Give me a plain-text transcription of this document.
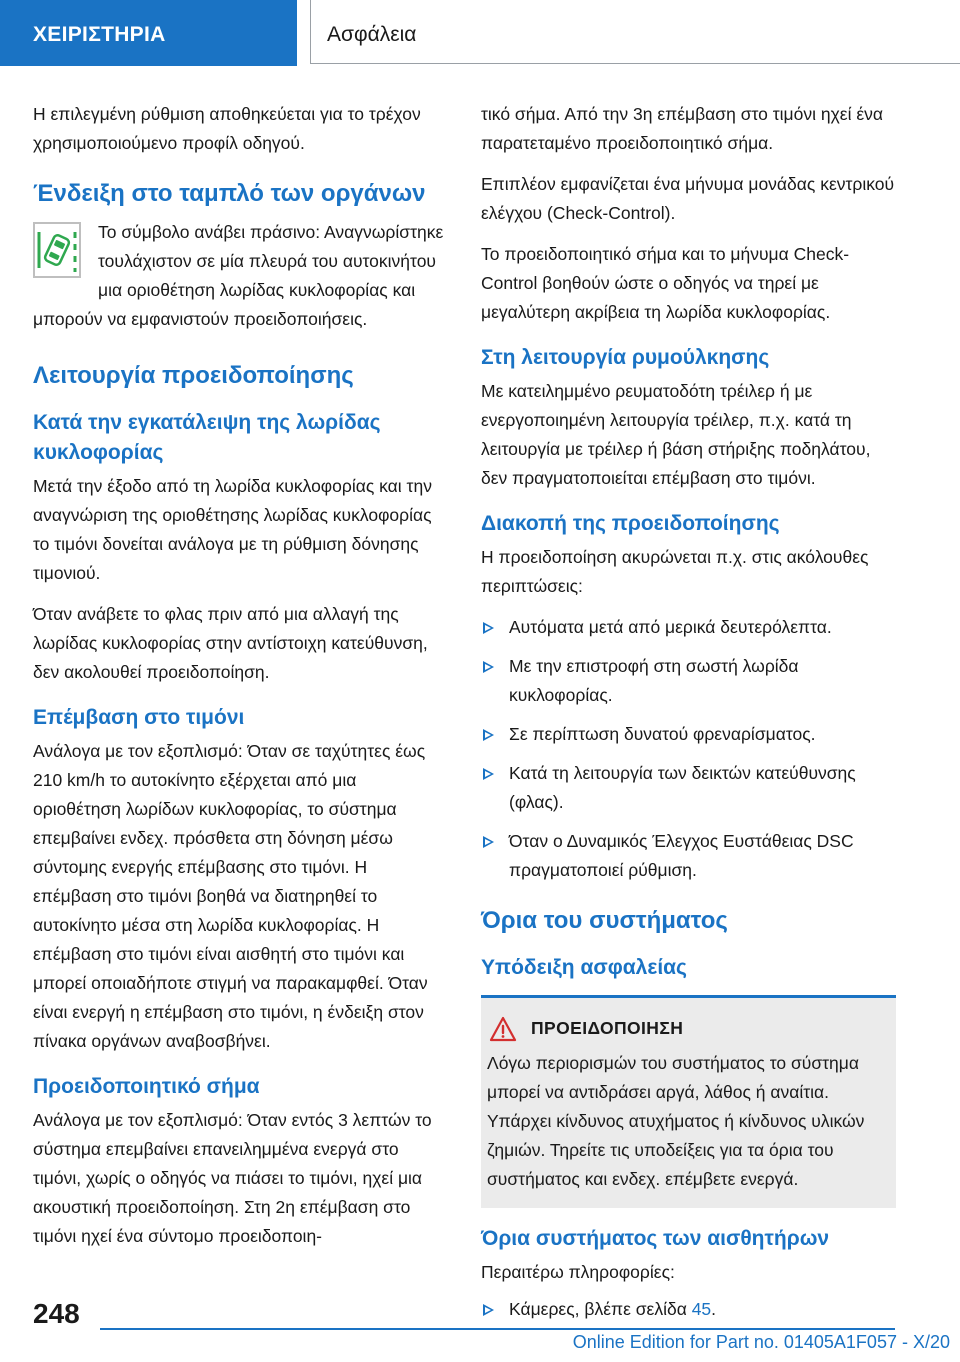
ΧΕΙΡΙΣΤΗΡΙΑ	Ασφάλεια

Η επιλεγμένη ρύθμιση αποθηκεύεται για το τρέχον χρησιμοποιούμενο προφίλ οδηγού.

Ένδειξη στο ταμπλό των οργάνων
Το σύμβολο ανάβει πράσινο: Αναγνωρίστηκε τουλάχιστον σε μία πλευρά του αυτοκινήτου μια οριοθέτηση λωρίδας κυκλοφορίας και μπορούν να εμφανιστούν προειδοποιήσεις.
Λειτουργία προειδοποίησης
Κατά την εγκατάλειψη της λωρίδας κυκλοφορίας

Μετά την έξοδο από τη λωρίδα κυκλοφορίας και την αναγνώριση της οριοθέτησης λωρίδας κυκλοφορίας το τιμόνι δονείται ανάλογα με τη ρύθμιση δόνησης τιμονιού.

Όταν ανάβετε το φλας πριν από μια αλλαγή της λωρίδας κυκλοφορίας στην αντίστοιχη κατεύθυνση, δεν ακολουθεί προειδοποίηση.

Επέμβαση στο τιμόνι

Ανάλογα με τον εξοπλισμό: Όταν σε ταχύτητες έως 210 km/h το αυτοκίνητο εξέρχεται από μια οριοθέτηση λωρίδων κυκλοφορίας, το σύστημα επεμβαίνει ενδεχ. πρόσθετα στη δόνηση μέσω σύντομης ενεργής επέμβασης στο τιμόνι. Η επέμβαση στο τιμόνι βοηθά να διατηρηθεί το αυτοκίνητο μέσα στη λωρίδα κυκλοφορίας. Η επέμβαση στο τιμόνι είναι αισθητή στο τιμόνι και μπορεί οποιαδήποτε στιγμή να παρακαμφθεί. Όταν είναι ενεργή η επέμβαση στο τιμόνι, η ένδειξη στον πίνακα οργάνων αναβοσβήνει.

Προειδοποιητικό σήμα

Ανάλογα με τον εξοπλισμό: Όταν εντός 3 λεπτών το σύστημα επεμβαίνει επανειλημμένα ενεργά στο τιμόνι, χωρίς ο οδηγός να πιάσει το τιμόνι, ηχεί μια ακουστική προειδοποίηση. Στη 2η επέμβαση στο τιμόνι ηχεί ένα σύντομο προειδοποιη-

τικό σήμα. Από την 3η επέμβαση στο τιμόνι ηχεί ένα παρατεταμένο προειδοποιητικό σήμα.

Επιπλέον εμφανίζεται ένα μήνυμα μονάδας κεντρικού ελέγχου (Check-Control).

Το προειδοποιητικό σήμα και το μήνυμα Check-Control βοηθούν ώστε ο οδηγός να τηρεί με μεγαλύτερη ακρίβεια τη λωρίδα κυκλοφορίας.

Στη λειτουργία ρυμούλκησης

Με κατειλημμένο ρευματοδότη τρέιλερ ή με ενεργοποιημένη λειτουργία τρέιλερ, π.χ. κατά τη λειτουργία με τρέιλερ ή βάση στήριξης ποδηλάτου, δεν πραγματοποιείται επέμβαση στο τιμόνι.

Διακοπή της προειδοποίησης

Η προειδοποίηση ακυρώνεται π.χ. στις ακόλουθες περιπτώσεις:

Αυτόματα μετά από μερικά δευτερόλεπτα.
Με την επιστροφή στη σωστή λωρίδα κυκλοφορίας.
Σε περίπτωση δυνατού φρεναρίσματος.
Κατά τη λειτουργία των δεικτών κατεύθυνσης (φλας).
Όταν ο Δυναμικός Έλεγχος Ευστάθειας DSC πραγματοποιεί ρύθμιση.
Όρια του συστήματος
Υπόδειξη ασφαλείας
ΠΡΟΕΙΔΟΠΟΙΗΣΗ
Λόγω περιορισμών του συστήματος το σύστημα μπορεί να αντιδράσει αργά, λάθος ή αναίτια. Υπάρχει κίνδυνος ατυχήματος ή κίνδυνος υλικών ζημιών. Τηρείτε τις υποδείξεις για τα όρια του συστήματος και ενδεχ. επέμβετε ενεργά.
Όρια συστήματος των αισθητήρων

Περαιτέρω πληροφορίες:

Κάμερες, βλέπε σελίδα 45.
248
Online Edition for Part no. 01405A1F057 - X/20
